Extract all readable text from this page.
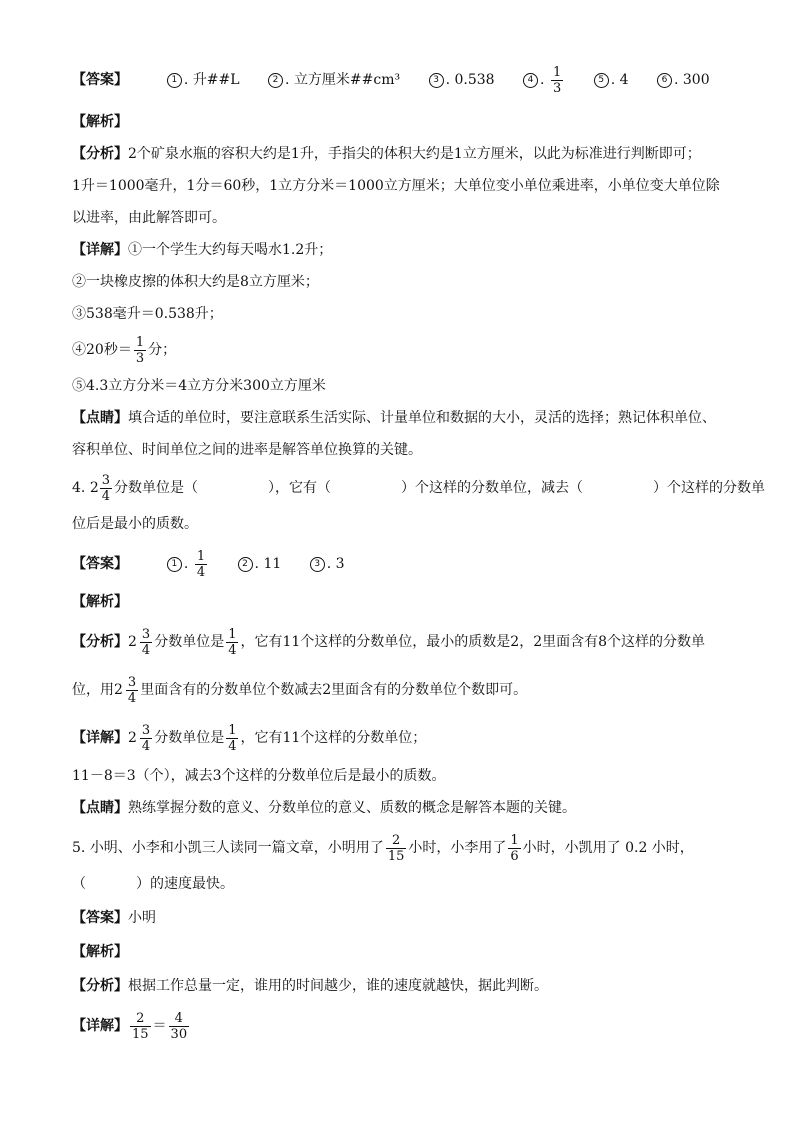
【答案】	1 . 升##L	2 . 立方厘米##cm³	3 . 0.538	4 . $\frac{1}{3}$	5 . 4	6 . 300
【解析】
【分析】2个矿泉水瓶的容积大约是1升，手指尖的体积大约是1立方厘米，以此为标准进行判断即可；
1升＝1000毫升，1分＝60秒，1立方分米＝1000立方厘米；大单位变小单位乘进率，小单位变大单位除
以进率，由此解答即可。
【详解】①一个学生大约每天喝水1.2升；
②一块橡皮擦的体积大约是8立方厘米；
③538毫升＝0.538升；
④20秒＝ $\frac{1}{3}$ 分；
⑤4.3立方分米＝4立方分米300立方厘米
【点睛】填合适的单位时，要注意联系生活实际、计量单位和数据的大小，灵活的选择；熟记体积单位、
容积单位、时间单位之间的进率是解答单位换算的关键。
4. $2 \frac{3}{4}$ 分数单位是（	），它有（	）个这样的分数单位，减去（	）个这样的分数单
位后是最小的质数。
【答案】	1 . $\frac{1}{4}$	2 . 11	3 . 3
【解析】
【分析】$2 \frac{3}{4}$ 分数单位是 $\frac{1}{4}$ ，它有11个这样的分数单位，最小的质数是2，2里面含有8个这样的分数单
位，用$2 \frac{3}{4}$ 里面含有的分数单位个数减去2里面含有的分数单位个数即可。
【详解】$2 \frac{3}{4}$ 分数单位是 $\frac{1}{4}$ ，它有11个这样的分数单位；
11－8＝3（个），减去3个这样的分数单位后是最小的质数。
【点睛】熟练掌握分数的意义、分数单位的意义、质数的概念是解答本题的关键。
5. 小明、小李和小凯三人读同一篇文章，小明用了 $\frac{2}{15}$ 小时，小李用了 $\frac{1}{6}$ 小时，小凯用了 0.2 小时，
（	）的速度最快。
【答案】小明
【解析】
【分析】根据工作总量一定，谁用的时间越少，谁的速度就越快，据此判断。
【详解】 $\frac{2}{15} = \frac{4}{30}$
